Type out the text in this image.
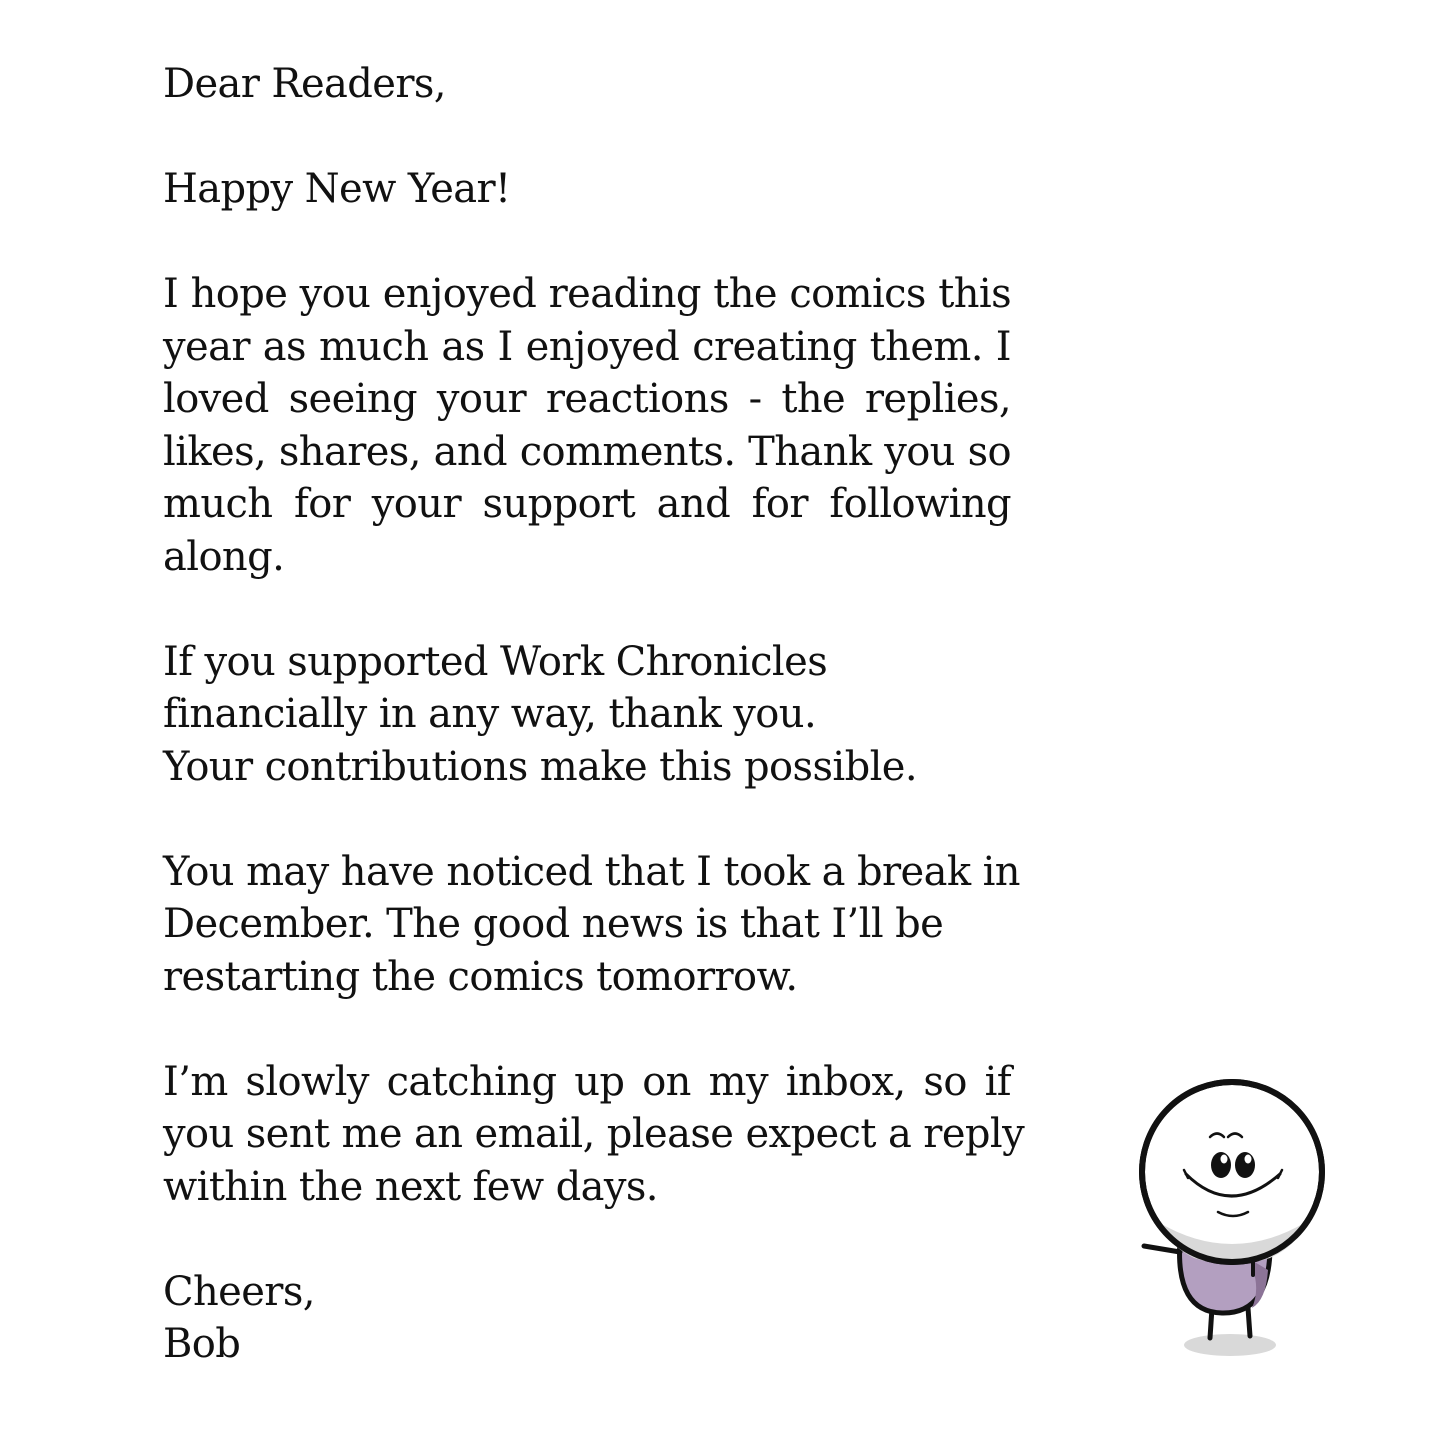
Dear Readers,
Happy New Year!
I hope you enjoyed reading the comics this
year as much as I enjoyed creating them. I
loved seeing your reactions - the replies,
likes, shares, and comments. Thank you so
much for your support and for following
along.
If you supported Work Chronicles
financially in any way, thank you.
Your contributions make this possible.
You may have noticed that I took a break in
December. The good news is that I’ll be
restarting the comics tomorrow.
I’m slowly catching up on my inbox, so if
you sent me an email, please expect a reply
within the next few days.
Cheers,
Bob
